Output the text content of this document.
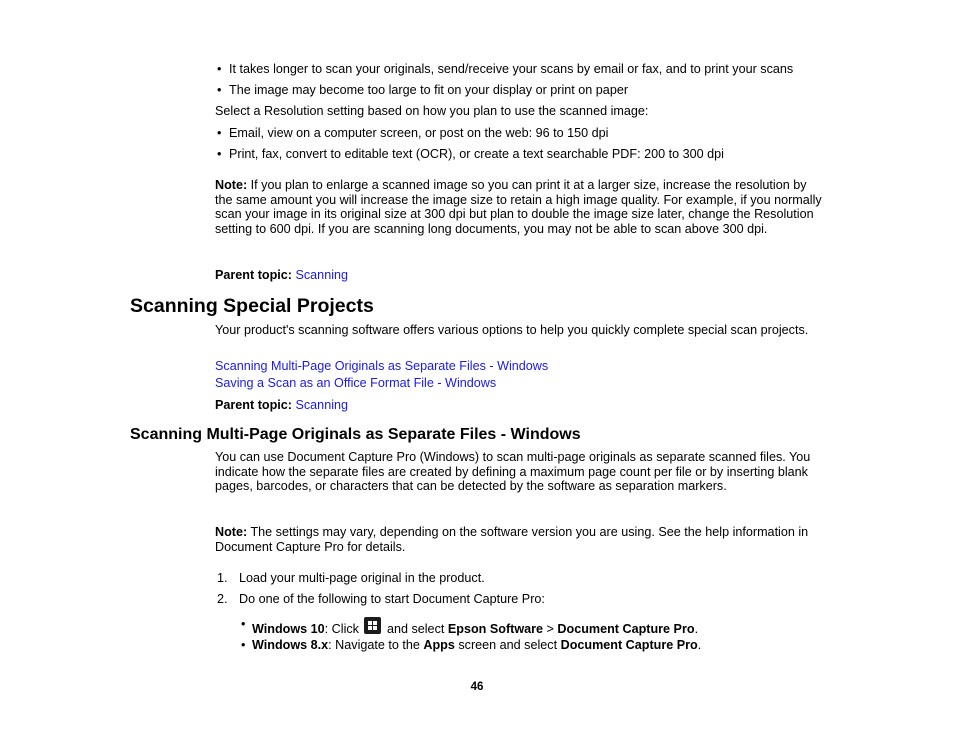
• It takes longer to scan your originals, send/receive your scans by email or fax, and to print your scans
• The image may become too large to fit on your display or print on paper
Select a Resolution setting based on how you plan to use the scanned image:
• Email, view on a computer screen, or post on the web: 96 to 150 dpi
• Print, fax, convert to editable text (OCR), or create a text searchable PDF: 200 to 300 dpi
Note: If you plan to enlarge a scanned image so you can print it at a larger size, increase the resolution by the same amount you will increase the image size to retain a high image quality. For example, if you normally scan your image in its original size at 300 dpi but plan to double the image size later, change the Resolution setting to 600 dpi. If you are scanning long documents, you may not be able to scan above 300 dpi.
Parent topic: Scanning
Scanning Special Projects
Your product's scanning software offers various options to help you quickly complete special scan projects.
Scanning Multi-Page Originals as Separate Files - Windows
Saving a Scan as an Office Format File - Windows
Parent topic: Scanning
Scanning Multi-Page Originals as Separate Files - Windows
You can use Document Capture Pro (Windows) to scan multi-page originals as separate scanned files. You indicate how the separate files are created by defining a maximum page count per file or by inserting blank pages, barcodes, or characters that can be detected by the software as separation markers.
Note: The settings may vary, depending on the software version you are using. See the help information in Document Capture Pro for details.
1. Load your multi-page original in the product.
2. Do one of the following to start Document Capture Pro:
• Windows 10: Click
and select Epson Software > Document Capture Pro.
• Windows 8.x: Navigate to the Apps screen and select Document Capture Pro.
46
